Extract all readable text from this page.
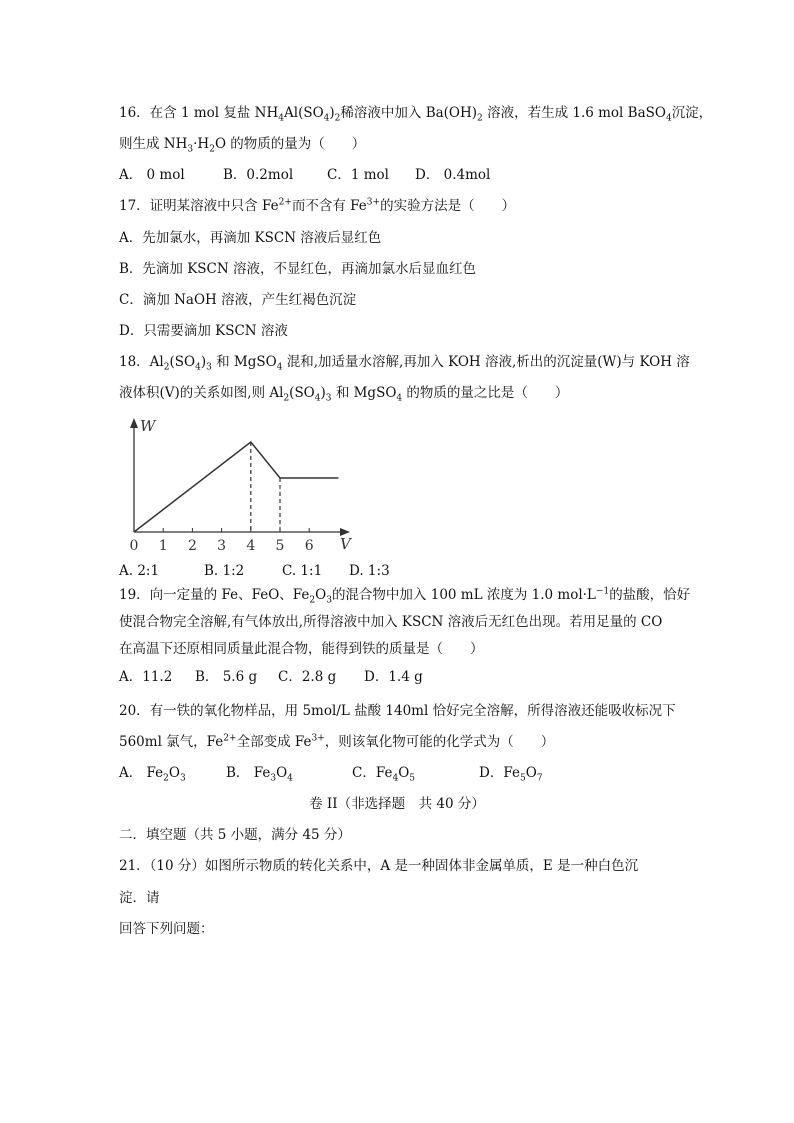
16．在含 1 mol 复盐 $NH_4Al(SO_4)_2$稀溶液中加入 $Ba(OH)_2$ 溶液，若生成 1.6 mol BaSO$_4$沉淀，
则生成 $NH_3\cdot H_2O$ 的物质的量为（　　）
A． 0 mol	B．0.2mol	C．1 mol D． 0.4mol
17．证明某溶液中只含 $Fe^{2+}$而不含有 $Fe^{3+}$的实验方法是（　　）
A．先加氯水，再滴加 KSCN 溶液后显红色
B．先滴加 KSCN 溶液，不显红色，再滴加氯水后显血红色
C．滴加 NaOH 溶液，产生红褐色沉淀
D．只需要滴加 KSCN 溶液
18．$Al_2(SO_4)_3$ 和 MgSO$_4$ 混和,加适量水溶解,再加入 KOH 溶液,析出的沉淀量(W)与 KOH 溶
液体积(V)的关系如图,则 $Al_2(SO_4)_3$ 和 MgSO$_4$ 的物质的量之比是（　　）
W
V
0 1 2 3 4 5 6
A. 2:1	B. 1:2	C. 1:1 D. 1:3
19．向一定量的 Fe、FeO、$Fe_2O_3$的混合物中加入 100 mL 浓度为 1.0 $mol\cdot L^{-1}$的盐酸，恰好
使混合物完全溶解,有气体放出,所得溶液中加入 KSCN 溶液后无红色出现。若用足量的 CO
在高温下还原相同质量此混合物，能得到铁的质量是（　　）
A．11.2 B． 5.6 g C．2.8 g D．1.4 g
20．有一铁的氧化物样品，用 5mol/L 盐酸 140ml 恰好完全溶解，所得溶液还能吸收标况下
560ml 氯气，$Fe^{2+}$全部变成 $Fe^{3+}$，则该氧化物可能的化学式为（　　）
A． $Fe_2O_3$	B． $Fe_3O_4$	C．$Fe_4O_5$	D．$Fe_5O_7$
卷 II（非选择题　共 40 分）
二．填空题（共 5 小题，满分 45 分）
21．（10 分）如图所示物质的转化关系中，A 是一种固体非金属单质，E 是一种白色沉
淀．请
回答下列问题：
